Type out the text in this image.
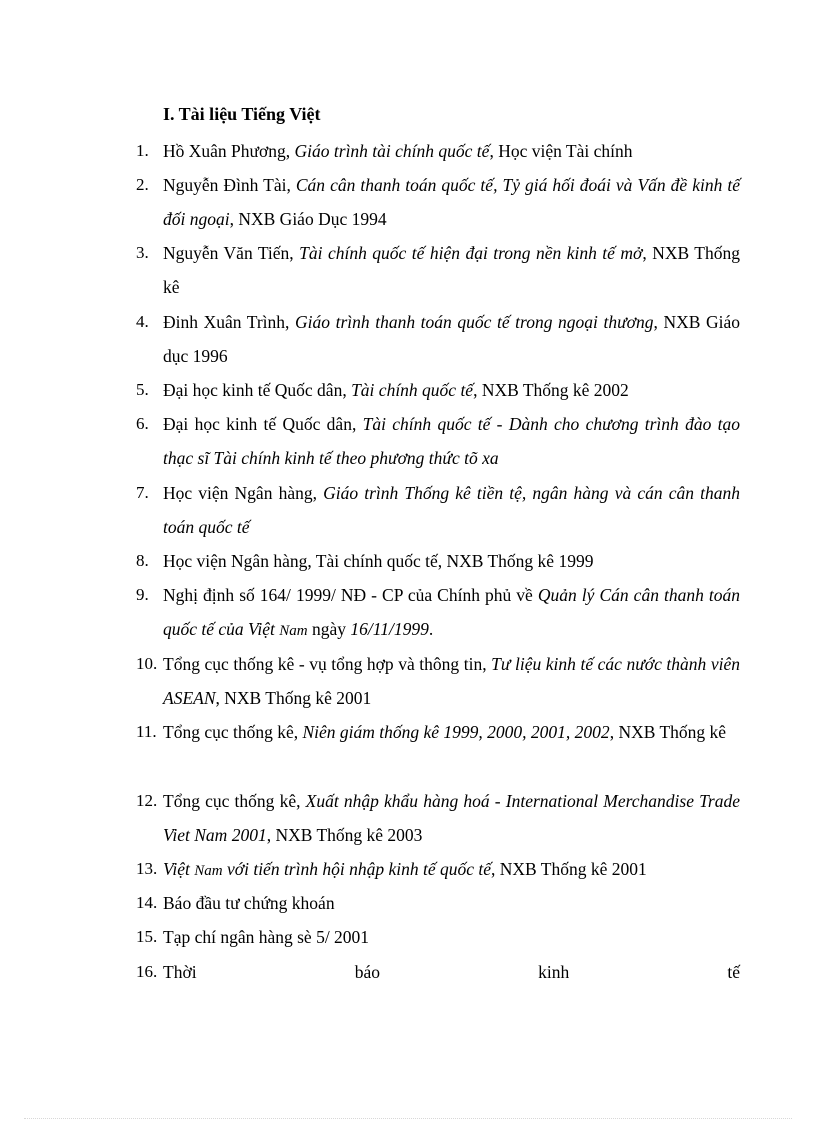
I. Tài liệu Tiếng Việt
1. Hồ Xuân Phương, Giáo trình tài chính quốc tế, Học viện Tài chính

2. Nguyễn Đình Tài, Cán cân thanh toán quốc tế, Tỷ giá hối đoái và Vấn đề kinh tế đối ngoại, NXB Giáo Dục 1994

3. Nguyễn Văn Tiến, Tài chính quốc tế hiện đại trong nền kinh tế mở, NXB Thống kê

4. Đinh Xuân Trình, Giáo trình thanh toán quốc tế trong ngoại thương, NXB Giáo dục 1996

5. Đại học kinh tế Quốc dân, Tài chính quốc tế, NXB Thống kê 2002

6. Đại học kinh tế Quốc dân, Tài chính quốc tế - Dành cho chương trình đào tạo thạc sĩ Tài chính kinh tế theo phương thức tõ xa

7. Học viện Ngân hàng, Giáo trình Thống kê tiền tệ, ngân hàng và cán cân thanh toán quốc tế

8. Học viện Ngân hàng, Tài chính quốc tế, NXB Thống kê 1999

9. Nghị định số 164/ 1999/ NĐ - CP của Chính phủ về Quản lý Cán cân thanh toán quốc tế của Việt Nam ngày 16/11/1999.

10. Tổng cục thống kê - vụ tổng hợp và thông tin, Tư liệu kinh tế các nước thành viên ASEAN, NXB Thống kê 2001

11. Tổng cục thống kê, Niên giám thống kê 1999, 2000, 2001, 2002, NXB Thống kê

12. Tổng cục thống kê, Xuất nhập khẩu hàng hoá - International Merchandise Trade Viet Nam 2001, NXB Thống kê 2003

13. Việt Nam với tiến trình hội nhập kinh tế quốc tế, NXB Thống kê 2001

14. Báo đầu tư chứng khoán

15. Tạp chí ngân hàng sè 5/ 2001

16. Thời báo kinh tế
